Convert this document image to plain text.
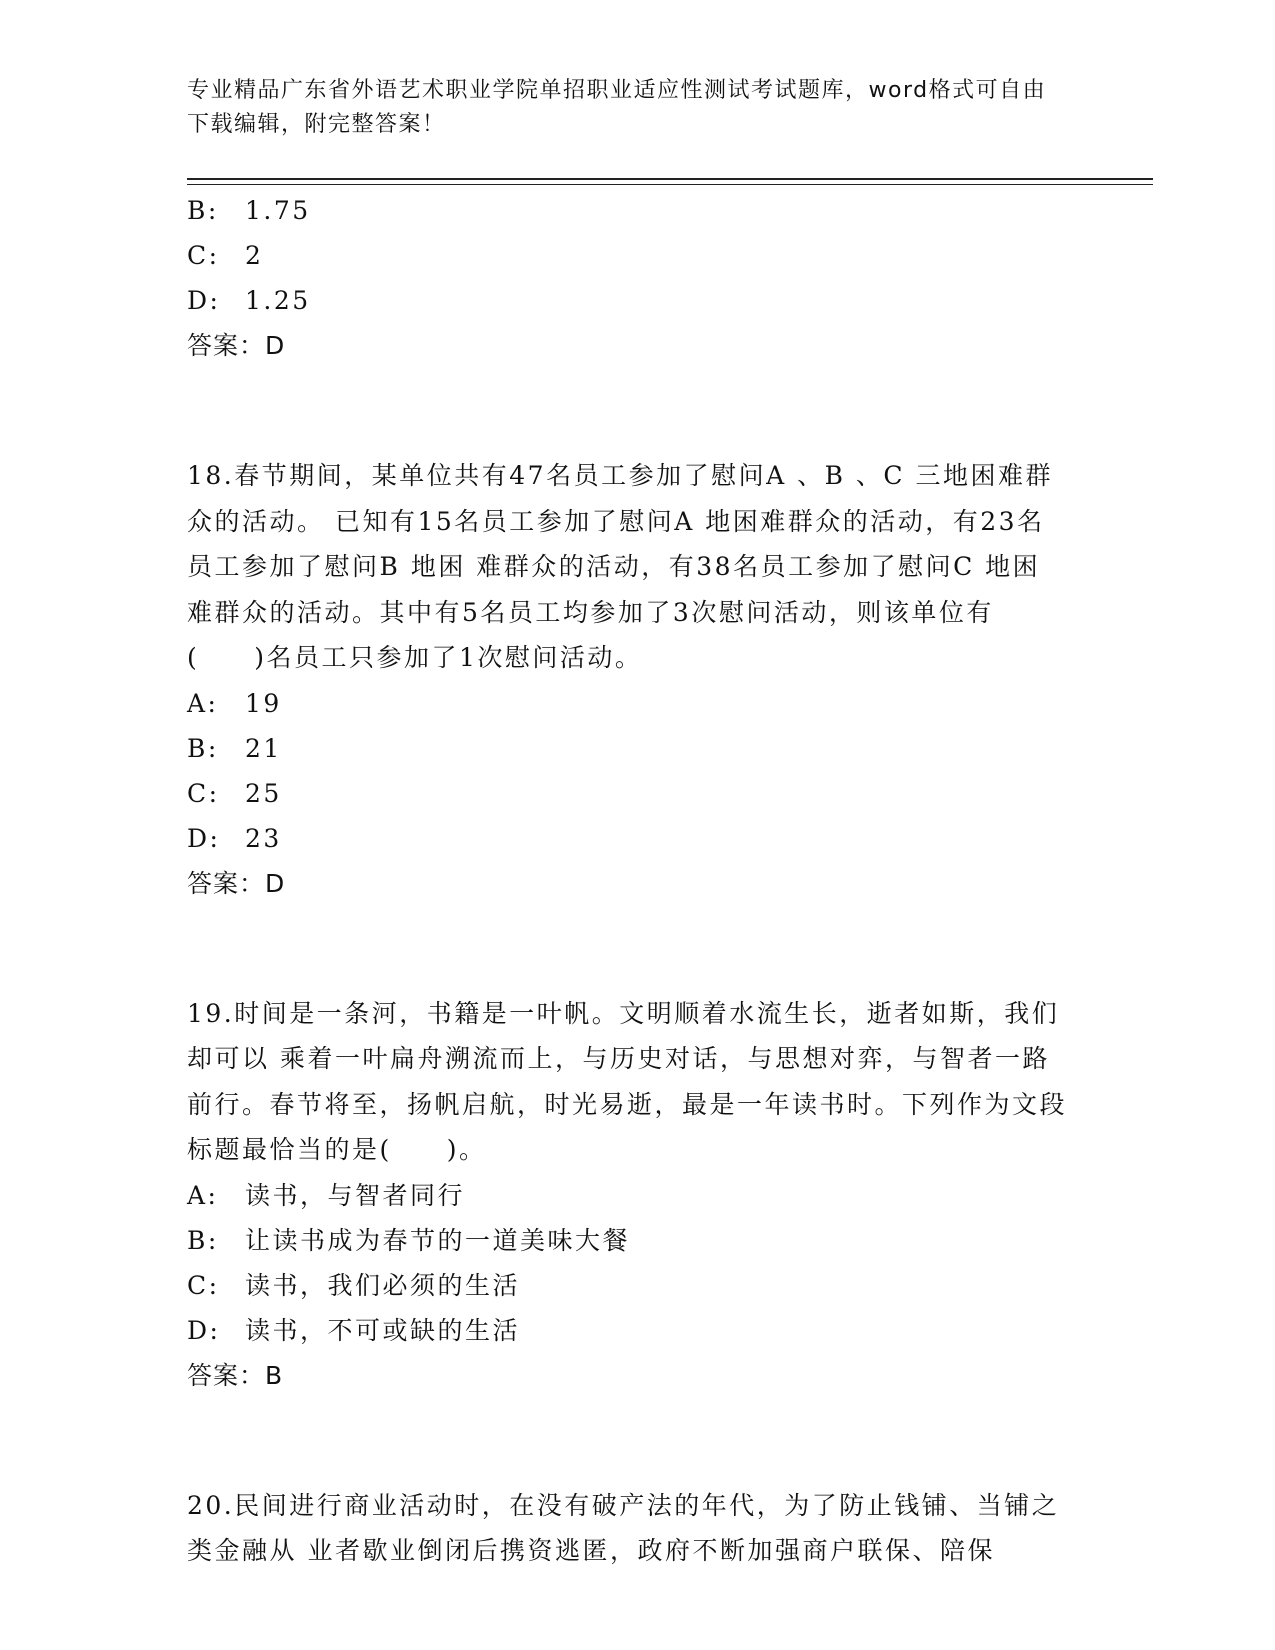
专业精品广东省外语艺术职业学院单招职业适应性测试考试题库，word格式可自由下载编辑，附完整答案！
B: 1.75
C: 2
D: 1.25
答案：D
18.春节期间，某单位共有47名员工参加了慰问A 、B 、C 三地困难群众的活动。 已知有15名员工参加了慰问A 地困难群众的活动，有23名员工参加了慰问B 地困 难群众的活动，有38名员工参加了慰问C 地困难群众的活动。其中有5名员工均参加了3次慰问活动，则该单位有(　　)名员工只参加了1次慰问活动。
A: 19
B: 21
C: 25
D: 23
答案：D
19.时间是一条河，书籍是一叶帆。文明顺着水流生长，逝者如斯，我们却可以 乘着一叶扁舟溯流而上，与历史对话，与思想对弈，与智者一路前行。春节将至，扬帆启航，时光易逝，最是一年读书时。下列作为文段标题最恰当的是(　　)。
A: 读书，与智者同行
B: 让读书成为春节的一道美味大餐
C: 读书，我们必须的生活
D: 读书，不可或缺的生活
答案：B
20.民间进行商业活动时，在没有破产法的年代，为了防止钱铺、当铺之类金融从 业者歇业倒闭后携资逃匿，政府不断加强商户联保、陪保
